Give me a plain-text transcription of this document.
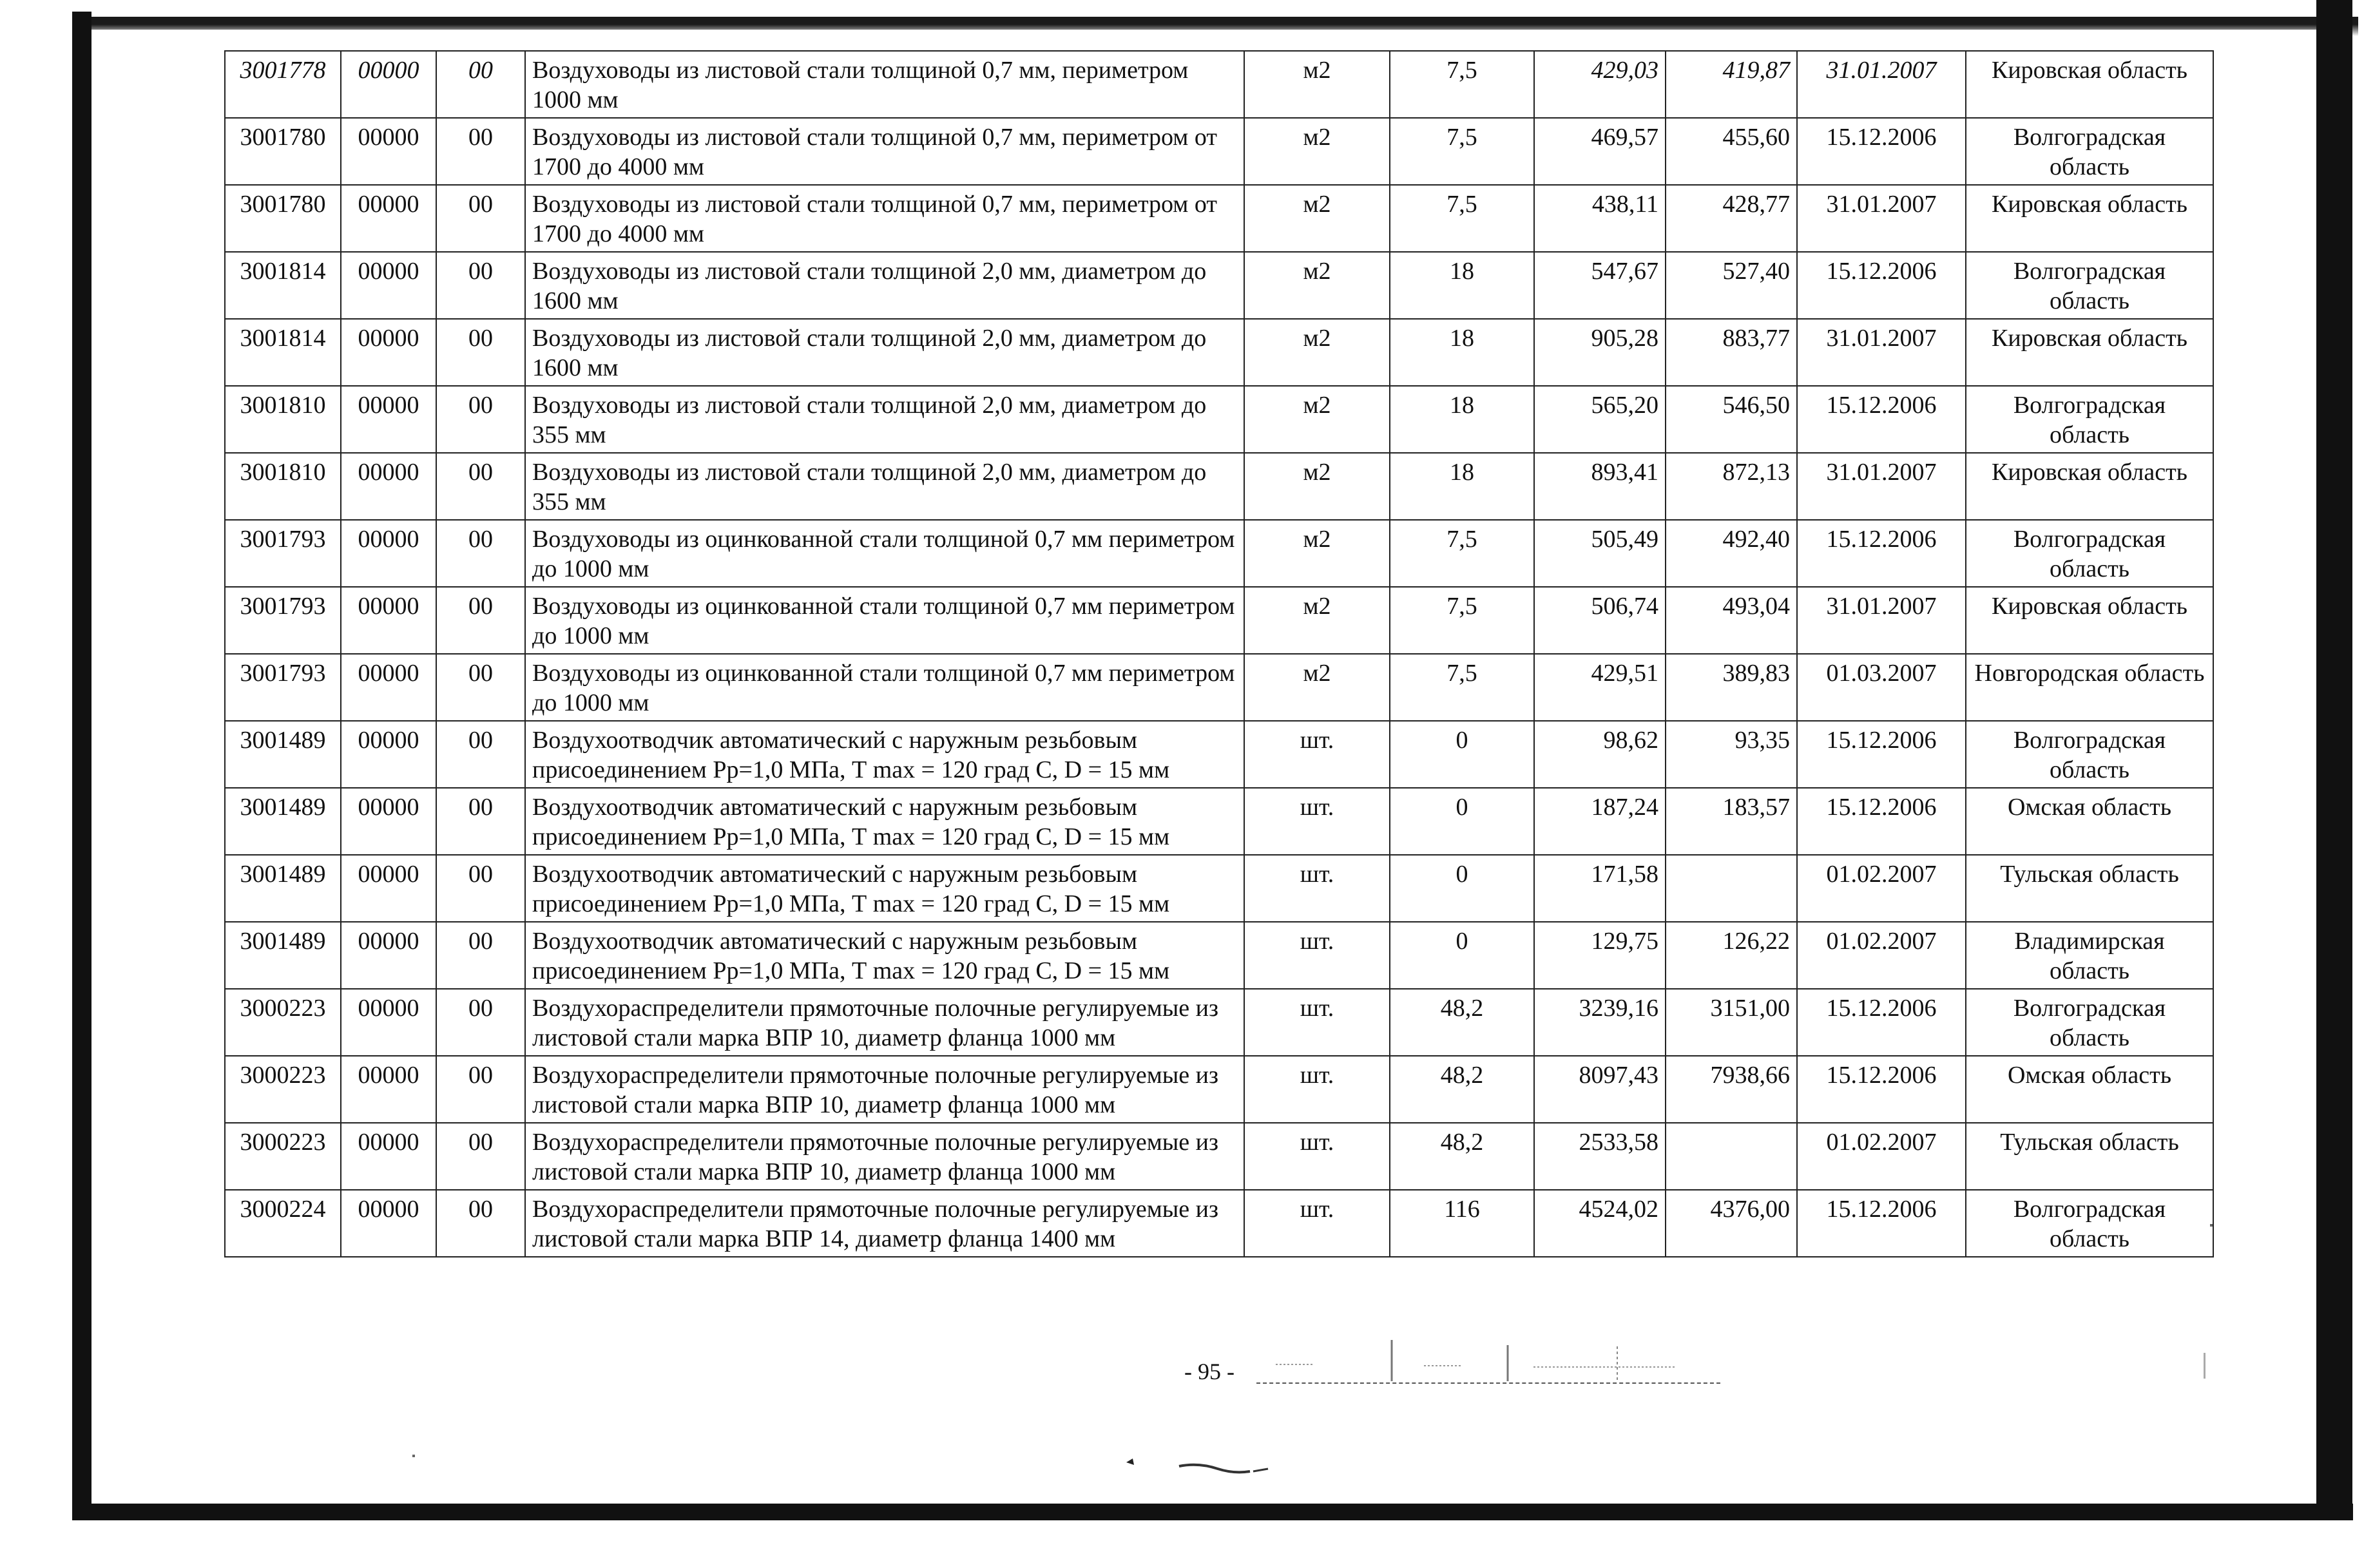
3001778	00000	00	Воздуховоды из листовой стали толщиной 0,7 мм, периметром 1000 мм	м2	7,5	429,03	419,87	31.01.2007	Кировская область
3001780	00000	00	Воздуховоды из листовой стали толщиной 0,7 мм, периметром от 1700 до 4000 мм	м2	7,5	469,57	455,60	15.12.2006	Волгоградская область
3001780	00000	00	Воздуховоды из листовой стали толщиной 0,7 мм, периметром от 1700 до 4000 мм	м2	7,5	438,11	428,77	31.01.2007	Кировская область
3001814	00000	00	Воздуховоды из листовой стали толщиной 2,0 мм, диаметром до 1600 мм	м2	18	547,67	527,40	15.12.2006	Волгоградская область
3001814	00000	00	Воздуховоды из листовой стали толщиной 2,0 мм, диаметром до 1600 мм	м2	18	905,28	883,77	31.01.2007	Кировская область
3001810	00000	00	Воздуховоды из листовой стали толщиной 2,0 мм, диаметром до 355 мм	м2	18	565,20	546,50	15.12.2006	Волгоградская область
3001810	00000	00	Воздуховоды из листовой стали толщиной 2,0 мм, диаметром до 355 мм	м2	18	893,41	872,13	31.01.2007	Кировская область
3001793	00000	00	Воздуховоды из оцинкованной стали толщиной 0,7 мм периметром до 1000 мм	м2	7,5	505,49	492,40	15.12.2006	Волгоградская область
3001793	00000	00	Воздуховоды из оцинкованной стали толщиной 0,7 мм периметром до 1000 мм	м2	7,5	506,74	493,04	31.01.2007	Кировская область
3001793	00000	00	Воздуховоды из оцинкованной стали толщиной 0,7 мм периметром до 1000 мм	м2	7,5	429,51	389,83	01.03.2007	Новгородская область
3001489	00000	00	Воздухоотводчик автоматический с наружным резьбовым присоединением Рр=1,0 МПа, Т max = 120 град С, D = 15 мм	шт.	0	98,62	93,35	15.12.2006	Волгоградская область
3001489	00000	00	Воздухоотводчик автоматический с наружным резьбовым присоединением Рр=1,0 МПа, Т max = 120 град С, D = 15 мм	шт.	0	187,24	183,57	15.12.2006	Омская область
3001489	00000	00	Воздухоотводчик автоматический с наружным резьбовым присоединением Рр=1,0 МПа, Т max = 120 град С, D = 15 мм	шт.	0	171,58		01.02.2007	Тульская область
3001489	00000	00	Воздухоотводчик автоматический с наружным резьбовым присоединением Рр=1,0 МПа, Т max = 120 град С, D = 15 мм	шт.	0	129,75	126,22	01.02.2007	Владимирская область
3000223	00000	00	Воздухораспределители прямоточные полочные регулируемые из листовой стали марка ВПР 10, диаметр фланца 1000 мм	шт.	48,2	3239,16	3151,00	15.12.2006	Волгоградская область
3000223	00000	00	Воздухораспределители прямоточные полочные регулируемые из листовой стали марка ВПР 10, диаметр фланца 1000 мм	шт.	48,2	8097,43	7938,66	15.12.2006	Омская область
3000223	00000	00	Воздухораспределители прямоточные полочные регулируемые из листовой стали марка ВПР 10, диаметр фланца 1000 мм	шт.	48,2	2533,58		01.02.2007	Тульская область
3000224	00000	00	Воздухораспределители прямоточные полочные регулируемые из листовой стали марка ВПР 14, диаметр фланца 1400 мм	шт.	116	4524,02	4376,00	15.12.2006	Волгоградская область
- 95 -
